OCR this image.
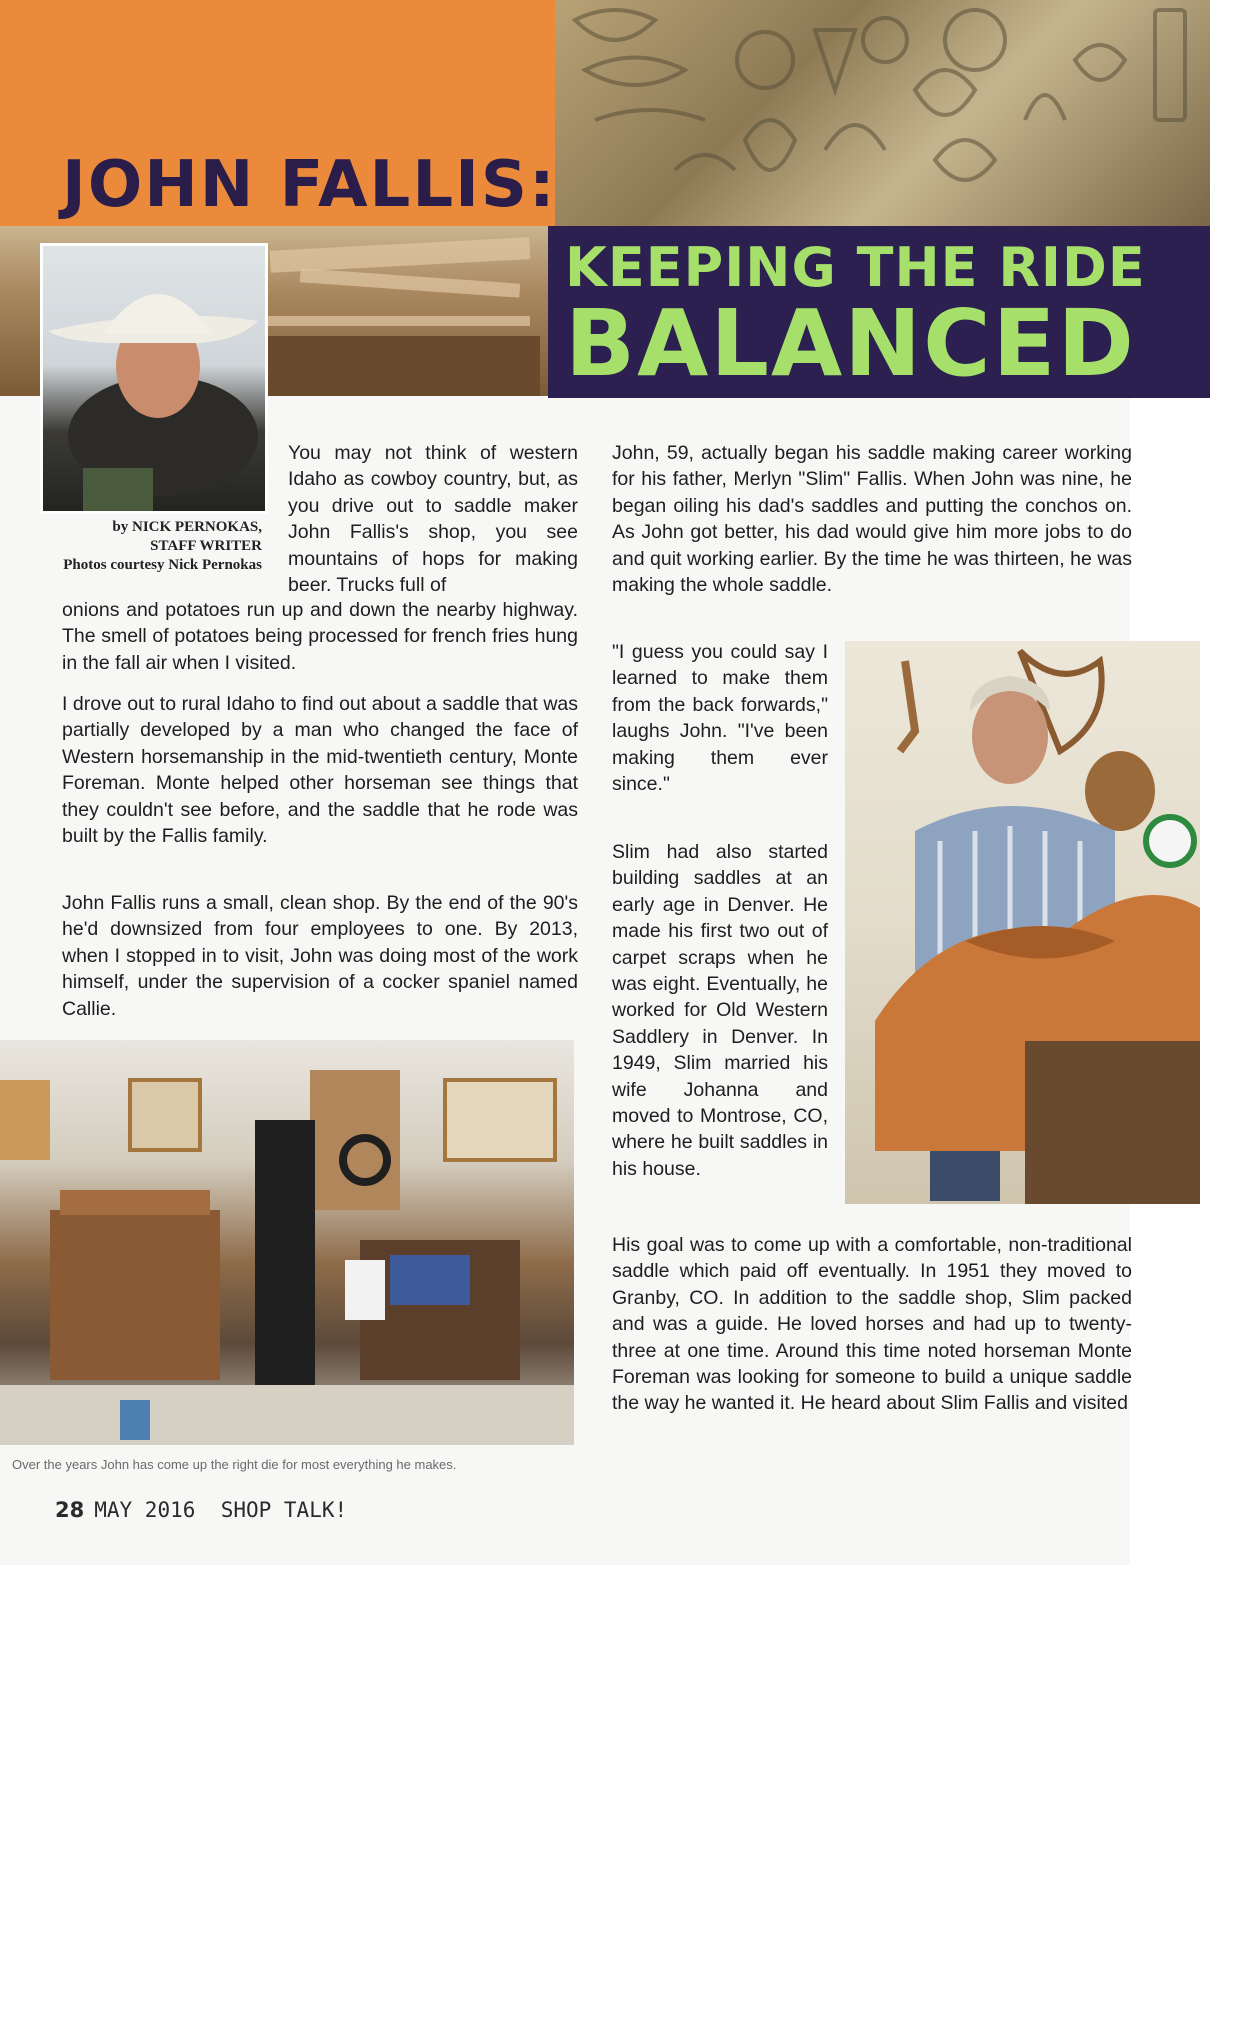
JOHN FALLIS:
KEEPING THE RIDE
BALANCED
by NICK PERNOKAS,
STAFF WRITER
Photos courtesy Nick Pernokas

You may not think of western Idaho as cowboy country, but, as you drive out to saddle maker John Fallis's shop, you see mountains of hops for making beer. Trucks full of

onions and potatoes run up and down the nearby highway. The smell of potatoes being processed for french fries hung in the fall air when I visited.

I drove out to rural Idaho to find out about a saddle that was partially developed by a man who changed the face of Western horsemanship in the mid-twentieth century, Monte Foreman. Monte helped other horseman see things that they couldn't see before, and the saddle that he rode was built by the Fallis family.

John Fallis runs a small, clean shop. By the end of the 90's he'd downsized from four employees to one. By 2013, when I stopped in to visit, John was doing most of the work himself, under the supervision of a cocker spaniel named Callie.

Over the years John has come up the right die for most everything he makes.

John, 59, actually began his saddle making career working for his father, Merlyn "Slim" Fallis. When John was nine, he began oiling his dad's saddles and putting the conchos on. As John got better, his dad would give him more jobs to do and quit working earlier. By the time he was thirteen, he was making the whole saddle.

"I guess you could say I learned to make them from the back forwards," laughs John. "I've been making them ever since."

Slim had also started building saddles at an early age in Denver. He made his first two out of carpet scraps when he was eight. Eventually, he worked for Old Western Saddlery in Denver. In 1949, Slim married his wife Johanna and moved to Montrose, CO, where he built saddles in his house.

His goal was to come up with a comfortable, non-traditional saddle which paid off eventually. In 1951 they moved to Granby, CO. In addition to the saddle shop, Slim packed and was a guide. He loved horses and had up to twenty-three at one time. Around this time noted horseman Monte Foreman was looking for someone to build a unique saddle the way he wanted it. He heard about Slim Fallis and visited

28 MAY 2016 SHOP TALK!
